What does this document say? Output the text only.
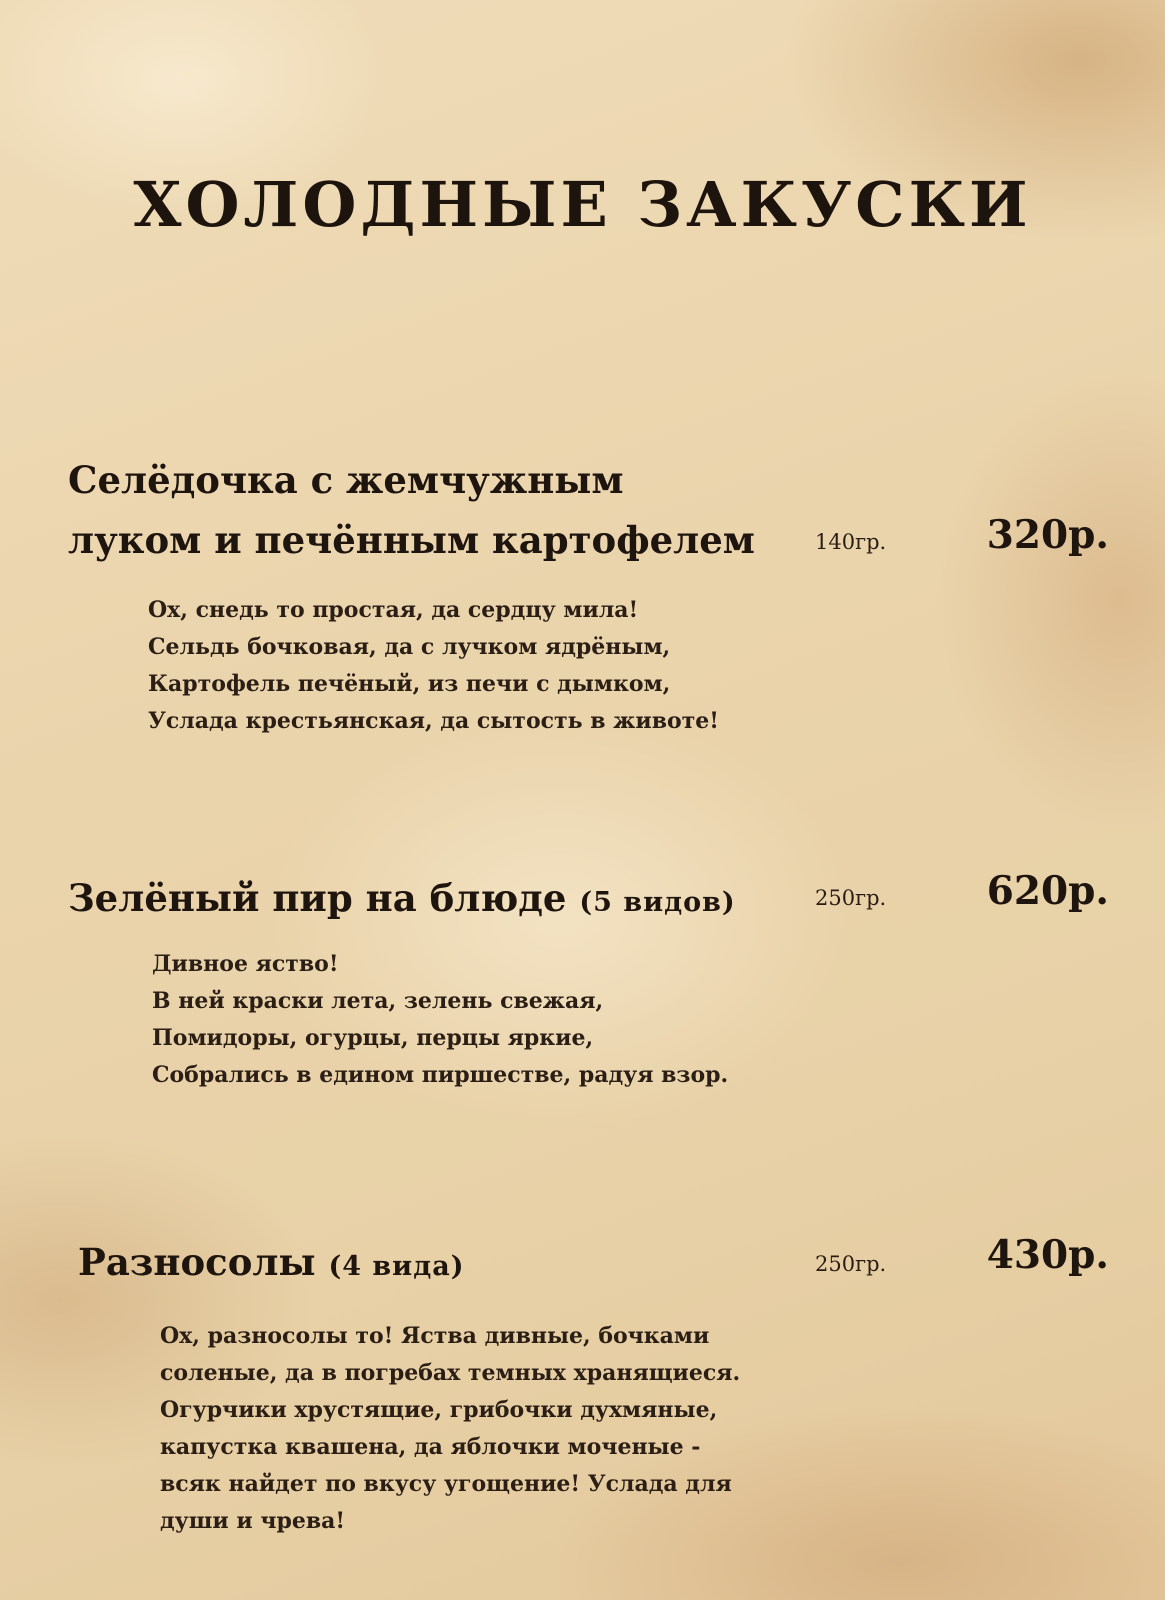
ХОЛОДНЫЕ ЗАКУСКИ
Селёдочка с жемчужным
луком и печённым картофелем	140гр.	320р.
Ох, снедь то простая, да сердцу мила!
Сельдь бочковая, да с лучком ядрёным,
Картофель печёный, из печи с дымком,
Услада крестьянская, да сытость в животе!
Зелёный пир на блюде (5 видов)	250гр.	620р.
Дивное яство!
В ней краски лета, зелень свежая,
Помидоры, огурцы, перцы яркие,
Собрались в едином пиршестве, радуя взор.
Разносолы (4 вида)	250гр.	430р.
Ох, разносолы то! Яства дивные, бочками
соленые, да в погребах темных хранящиеся.
Огурчики хрустящие, грибочки духмяные,
капустка квашена, да яблочки моченые -
всяк найдет по вкусу угощение! Услада для
души и чрева!
